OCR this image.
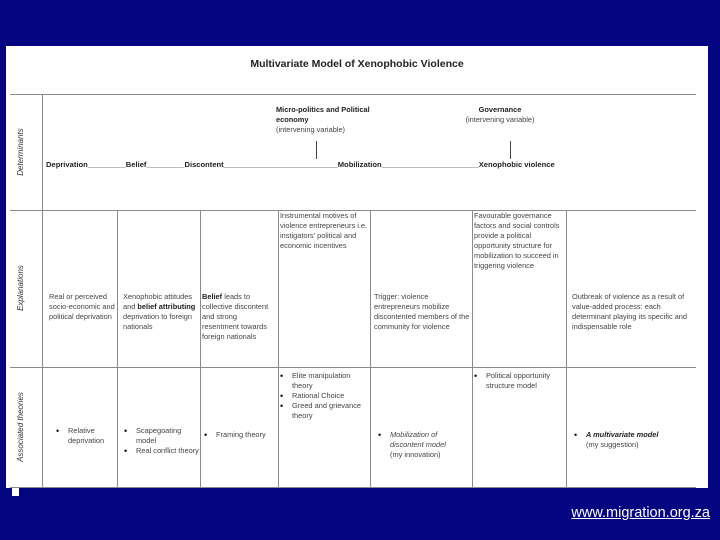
Multivariate Model of Xenophobic Violence
Determinants
Explanations
Associated theories
Micro-politics and Political economy
(intervening variable)
Governance
(intervening variable)
Deprivation_________Belief_________Discontent___________________________Mobilization_______________________Xenophobic violence
Instrumental motives of violence entrepreneurs i.e. instigators' political and economic incentives
Favourable governance factors and social controls provide a political opportunity structure for mobilization to succeed in triggering violence
Real or perceived socio-economic and political deprivation
Xenophobic attitudes and belief attributing deprivation to foreign nationals
Belief leads to collective discontent and strong resentment towards foreign nationals
Trigger: violence entrepreneurs mobilize discontented members of the community for violence
Outbreak of violence as a result of value-added process: each determinant playing its specific and indispensable role
• Elite manipulation theory
• Rational Choice
• Greed and grievance theory
• Political opportunity structure model
• Relative deprivation
• Scapegoating model
• Real conflict theory
• Framing theory
•	Mobilization of discontent model
(my innovation)
• A multivariate model
(my suggestion)
www.migration.org.za
